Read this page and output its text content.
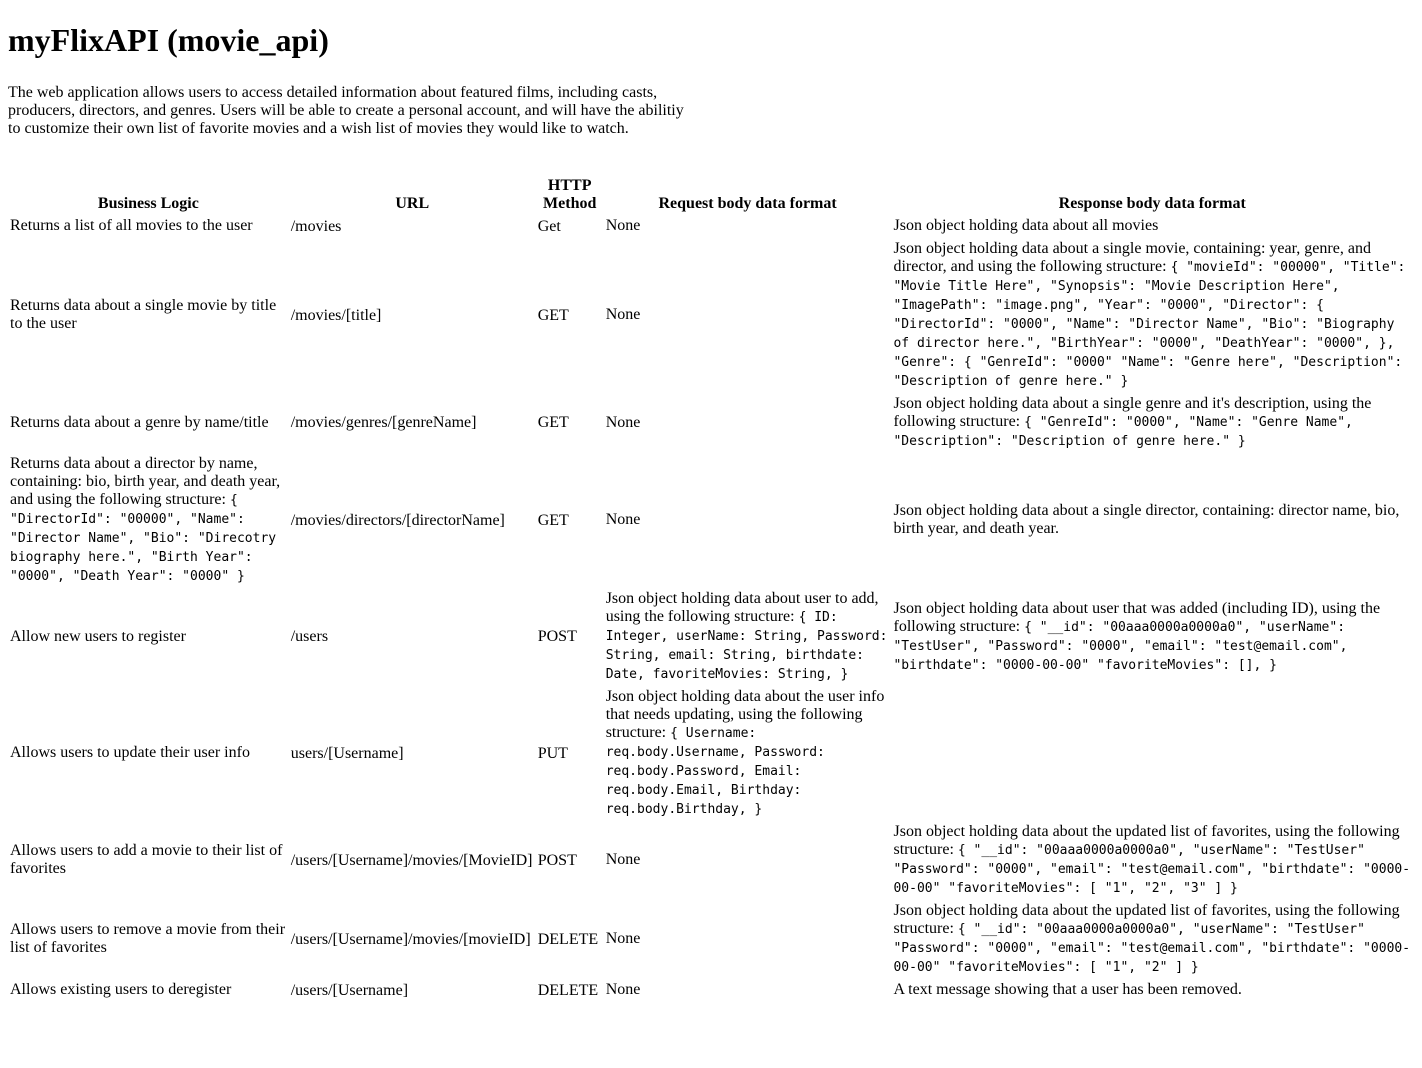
myFlixAPI (movie_api)

The web application allows users to access detailed information about featured films, including casts, producers, directors, and genres. Users will be able to create a personal account, and will have the abilitiy to customize their own list of favorite movies and a wish list of movies they would like to watch.

Business Logic	URL	HTTP Method	Request body data format	Response body data format
Returns a list of all movies to the user	/movies	Get	None	Json object holding data about all movies
Returns data about a single movie by title to the user	/movies/[title]	GET	None	Json object holding data about a single movie, containing: year, genre, and director, and using the following structure: { "movieId": "00000", "Title": "Movie Title Here", "Synopsis": "Movie Description Here", "ImagePath": "image.png", "Year": "0000", "Director": { "DirectorId": "0000", "Name": "Director Name", "Bio": "Biography of director here.", "BirthYear": "0000", "DeathYear": "0000", }, "Genre": { "GenreId": "0000" "Name": "Genre here", "Description": "Description of genre here." }
Returns data about a genre by name/title	/movies/genres/[genreName]	GET	None	Json object holding data about a single genre and it's description, using the following structure: { "GenreId": "0000", "Name": "Genre Name", "Description": "Description of genre here." }
Returns data about a director by name, containing: bio, birth year, and death year, and using the following structure: { "DirectorId": "00000", "Name": "Director Name", "Bio": "Direcotry biography here.", "Birth Year": "0000", "Death Year": "0000" }	/movies/directors/[directorName]	GET	None	Json object holding data about a single director, containing: director name, bio, birth year, and death year.
Allow new users to register	/users	POST	Json object holding data about user to add, using the following structure: { ID: Integer, userName: String, Password: String, email: String, birthdate: Date, favoriteMovies: String, }	Json object holding data about user that was added (including ID), using the following structure: { "__id": "00aaa0000a0000a0", "userName": "TestUser", "Password": "0000", "email": "test@email.com", "birthdate": "0000-00-00" "favoriteMovies": [], }
Allows users to update their user info	users/[Username]	PUT	Json object holding data about the user info that needs updating, using the following structure: { Username: req.body.Username, Password: req.body.Password, Email: req.body.Email, Birthday: req.body.Birthday, }	
Allows users to add a movie to their list of favorites	/users/[Username]/movies/[MovieID]	POST	None	Json object holding data about the updated list of favorites, using the following structure: { "__id": "00aaa0000a0000a0", "userName": "TestUser" "Password": "0000", "email": "test@email.com", "birthdate": "0000-00-00" "favoriteMovies": [ "1", "2", "3" ] }
Allows users to remove a movie from their list of favorites	/users/[Username]/movies/[movieID]	DELETE	None	Json object holding data about the updated list of favorites, using the following structure: { "__id": "00aaa0000a0000a0", "userName": "TestUser" "Password": "0000", "email": "test@email.com", "birthdate": "0000-00-00" "favoriteMovies": [ "1", "2" ] }
Allows existing users to deregister	/users/[Username]	DELETE	None	A text message showing that a user has been removed.
